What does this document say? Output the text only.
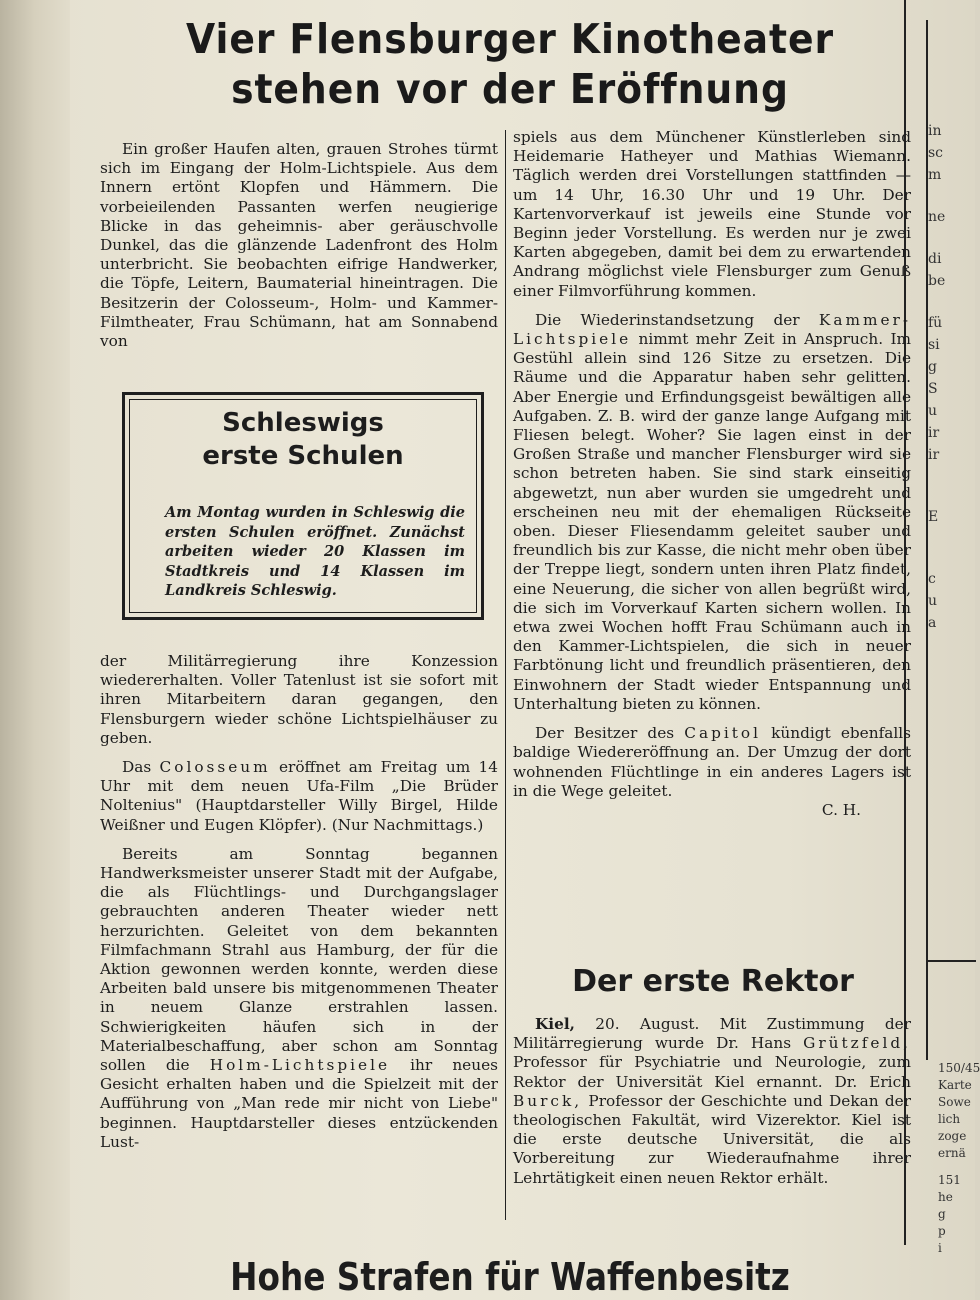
Vier Flensburger Kinotheater
stehen vor der Eröffnung

Ein großer Haufen alten, grauen Strohes türmt sich im Eingang der Holm-Lichtspiele. Aus dem Innern ertönt Klopfen und Hämmern. Die vorbeieilenden Passanten werfen neugierige Blicke in das geheimnis- aber geräuschvolle Dunkel, das die glänzende Ladenfront des Holm unterbricht. Sie beobachten eifrige Handwerker, die Töpfe, Leitern, Baumaterial hineintragen. Die Besitzerin der Colosseum-, Holm- und Kammer-Filmtheater, Frau Schümann, hat am Sonnabend von

Schleswigs
erste Schulen
Am Montag wurden in Schleswig die ersten Schulen eröffnet. Zunächst arbeiten wieder 20 Klassen im Stadtkreis und 14 Klassen im Landkreis Schleswig.

der Militärregierung ihre Konzession wiedererhalten. Voller Tatenlust ist sie sofort mit ihren Mitarbeitern daran gegangen, den Flensburgern wieder schöne Lichtspielhäuser zu geben.

Das Colosseum eröffnet am Freitag um 14 Uhr mit dem neuen Ufa-Film „Die Brüder Noltenius" (Hauptdarsteller Willy Birgel, Hilde Weißner und Eugen Klöpfer). (Nur Nachmittags.)

Bereits am Sonntag begannen Handwerksmeister unserer Stadt mit der Aufgabe, die als Flüchtlings- und Durchgangslager gebrauchten anderen Theater wieder nett herzurichten. Geleitet von dem bekannten Filmfachmann Strahl aus Hamburg, der für die Aktion gewonnen werden konnte, werden diese Arbeiten bald unsere bis mitgenommenen Theater in neuem Glanze erstrahlen lassen. Schwierigkeiten häufen sich in der Materialbeschaffung, aber schon am Sonntag sollen die Holm-Lichtspiele ihr neues Gesicht erhalten haben und die Spielzeit mit der Aufführung von „Man rede mir nicht von Liebe" beginnen. Hauptdarsteller dieses entzückenden Lust-

spiels aus dem Münchener Künstlerleben sind Heidemarie Hatheyer und Mathias Wiemann. Täglich werden drei Vorstellungen stattfinden — um 14 Uhr, 16.30 Uhr und 19 Uhr. Der Kartenvorverkauf ist jeweils eine Stunde vor Beginn jeder Vorstellung. Es werden nur je zwei Karten abgegeben, damit bei dem zu erwartenden Andrang möglichst viele Flensburger zum Genuß einer Filmvorführung kommen.

Die Wiederinstandsetzung der Kammer-Lichtspiele nimmt mehr Zeit in Anspruch. Im Gestühl allein sind 126 Sitze zu ersetzen. Die Räume und die Apparatur haben sehr gelitten. Aber Energie und Erfindungsgeist bewältigen alle Aufgaben. Z. B. wird der ganze lange Aufgang mit Fliesen belegt. Woher? Sie lagen einst in der Großen Straße und mancher Flensburger wird sie schon betreten haben. Sie sind stark einseitig abgewetzt, nun aber wurden sie umgedreht und erscheinen neu mit der ehemaligen Rückseite oben. Dieser Fliesendamm geleitet sauber und freundlich bis zur Kasse, die nicht mehr oben über der Treppe liegt, sondern unten ihren Platz findet, eine Neuerung, die sicher von allen begrüßt wird, die sich im Vorverkauf Karten sichern wollen. In etwa zwei Wochen hofft Frau Schümann auch in den Kammer-Lichtspielen, die sich in neuer Farbtönung licht und freundlich präsentieren, den Einwohnern der Stadt wieder Entspannung und Unterhaltung bieten zu können.

Der Besitzer des Capitol kündigt ebenfalls baldige Wiedereröffnung an. Der Umzug der dort wohnenden Flüchtlinge in ein anderes Lagers ist in die Wege geleitet.

C. H.

Der erste Rektor

Kiel, 20. August. Mit Zustimmung der Militärregierung wurde Dr. Hans Grützfeld, Professor für Psychiatrie und Neurologie, zum Rektor der Universität Kiel ernannt. Dr. Erich Burck, Professor der Geschichte und Dekan der theologischen Fakultät, wird Vizerektor. Kiel ist die erste deutsche Universität, die als Vorbereitung zur Wiederaufnahme ihrer Lehrtätigkeit einen neuen Rektor erhält.

in

sc

m

ne

di

be

fü

si

g

S

u

ir

ir

E

c

u

a

150/45

Karte

Sowe

lich

zoge

ernä

151

he

g

p

i

Hohe Strafen für Waffenbesitz
